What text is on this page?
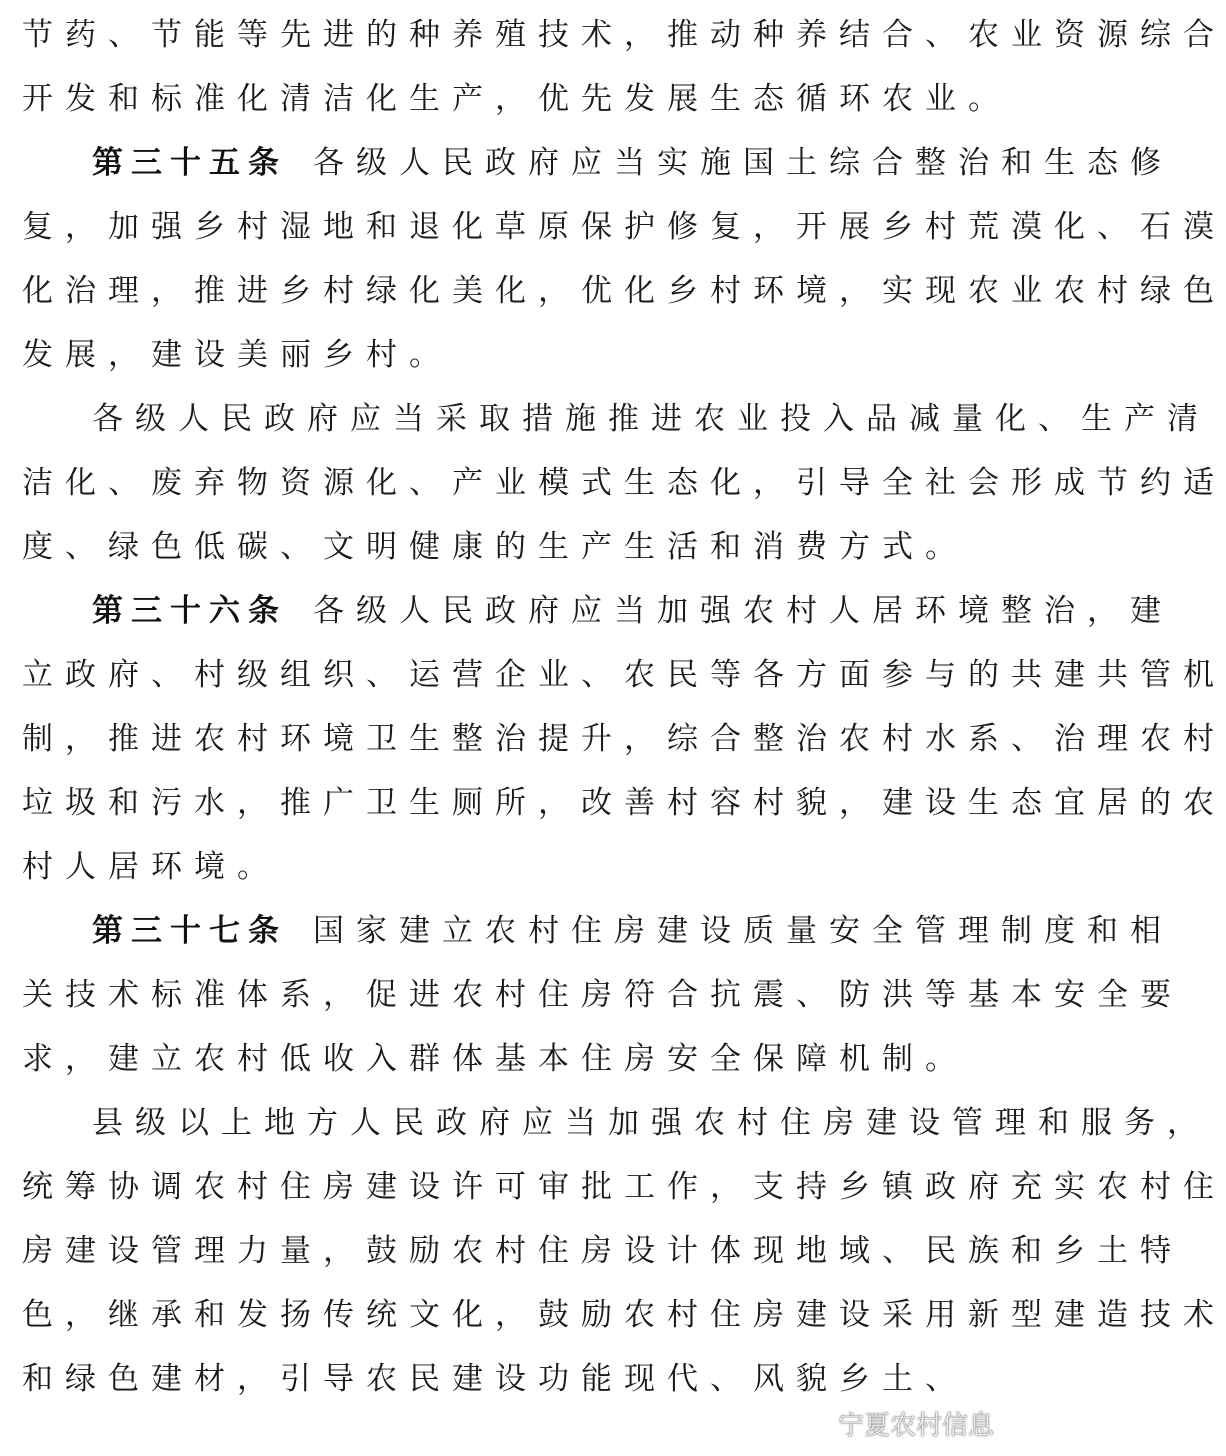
节药、节能等先进的种养殖技术，推动种养结合、农业资源综合
开发和标准化清洁化生产，优先发展生态循环农业。
第三十五条 各级人民政府应当实施国土综合整治和生态修
复，加强乡村湿地和退化草原保护修复，开展乡村荒漠化、石漠
化治理，推进乡村绿化美化，优化乡村环境，实现农业农村绿色
发展，建设美丽乡村。
各级人民政府应当采取措施推进农业投入品减量化、生产清
洁化、废弃物资源化、产业模式生态化，引导全社会形成节约适
度、绿色低碳、文明健康的生产生活和消费方式。
第三十六条 各级人民政府应当加强农村人居环境整治，建
立政府、村级组织、运营企业、农民等各方面参与的共建共管机
制，推进农村环境卫生整治提升，综合整治农村水系、治理农村
垃圾和污水，推广卫生厕所，改善村容村貌，建设生态宜居的农
村人居环境。
第三十七条 国家建立农村住房建设质量安全管理制度和相
关技术标准体系，促进农村住房符合抗震、防洪等基本安全要
求，建立农村低收入群体基本住房安全保障机制。
县级以上地方人民政府应当加强农村住房建设管理和服务，
统筹协调农村住房建设许可审批工作，支持乡镇政府充实农村住
房建设管理力量，鼓励农村住房设计体现地域、民族和乡土特
色，继承和发扬传统文化，鼓励农村住房建设采用新型建造技术
和绿色建材，引导农民建设功能现代、风貌乡土、
宁夏农村信息
